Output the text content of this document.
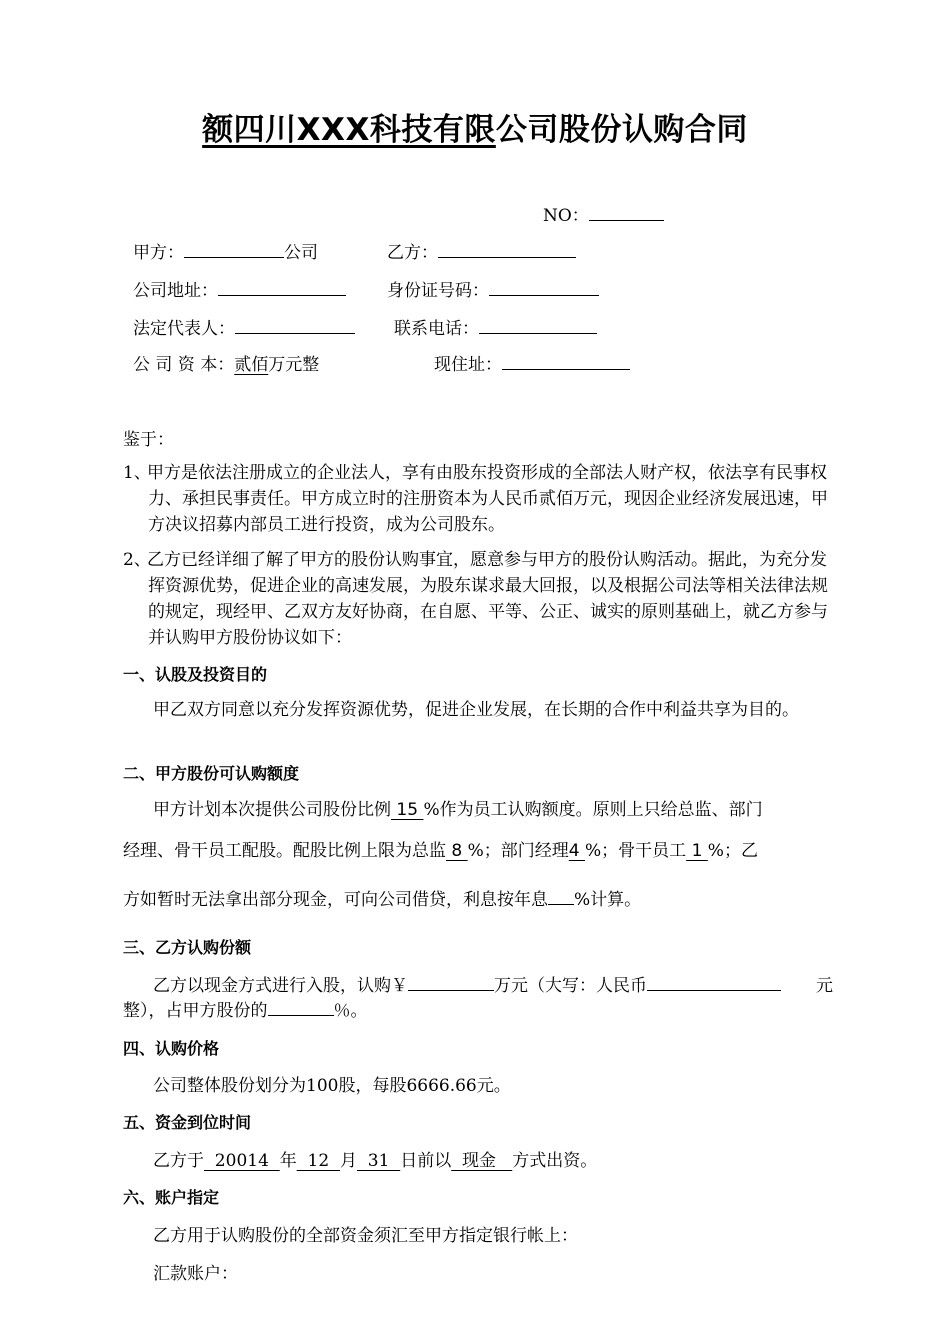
额四川XXX科技有限公司股份认购合同
NO：
甲方：	公司	乙方：
公司地址：	身份证号码：
法定代表人：	联系电话：
公 司 资 本：贰佰万元整	现住址：
鉴于：
1、
甲方是依法注册成立的企业法人，享有由股东投资形成的全部法人财产权，依法享有民事权力、承担民事责任。甲方成立时的注册资本为人民币贰佰万元，现因企业经济发展迅速，甲方决议招募内部员工进行投资，成为公司股东。
2、
乙方已经详细了解了甲方的股份认购事宜，愿意参与甲方的股份认购活动。据此，为充分发挥资源优势，促进企业的高速发展，为股东谋求最大回报，以及根据公司法等相关法律法规的规定，现经甲、乙双方友好协商，在自愿、平等、公正、诚实的原则基础上，就乙方参与并认购甲方股份协议如下：
一、认股及投资目的
甲乙双方同意以充分发挥资源优势，促进企业发展，在长期的合作中利益共享为目的。
二、甲方股份可认购额度
甲方计划本次提供公司股份比例 15 %作为员工认购额度。原则上只给总监、部门
经理、骨干员工配股。配股比例上限为总监 8 %；部门经理4 %；骨干员工 1 %；乙
方如暂时无法拿出部分现金，可向公司借贷，利息按年息 %计算。
三、乙方认购份额
乙方以现金方式进行入股，认购￥	万元（大写：人民币	元
整），占甲方股份的	％。
四、认购价格
公司整体股份划分为100股，每股6666.66元。
五、资金到位时间
乙方于  20014  年  12  月  31  日前以  现金   方式出资。
六、账户指定
乙方用于认购股份的全部资金须汇至甲方指定银行帐上：
汇款账户：
